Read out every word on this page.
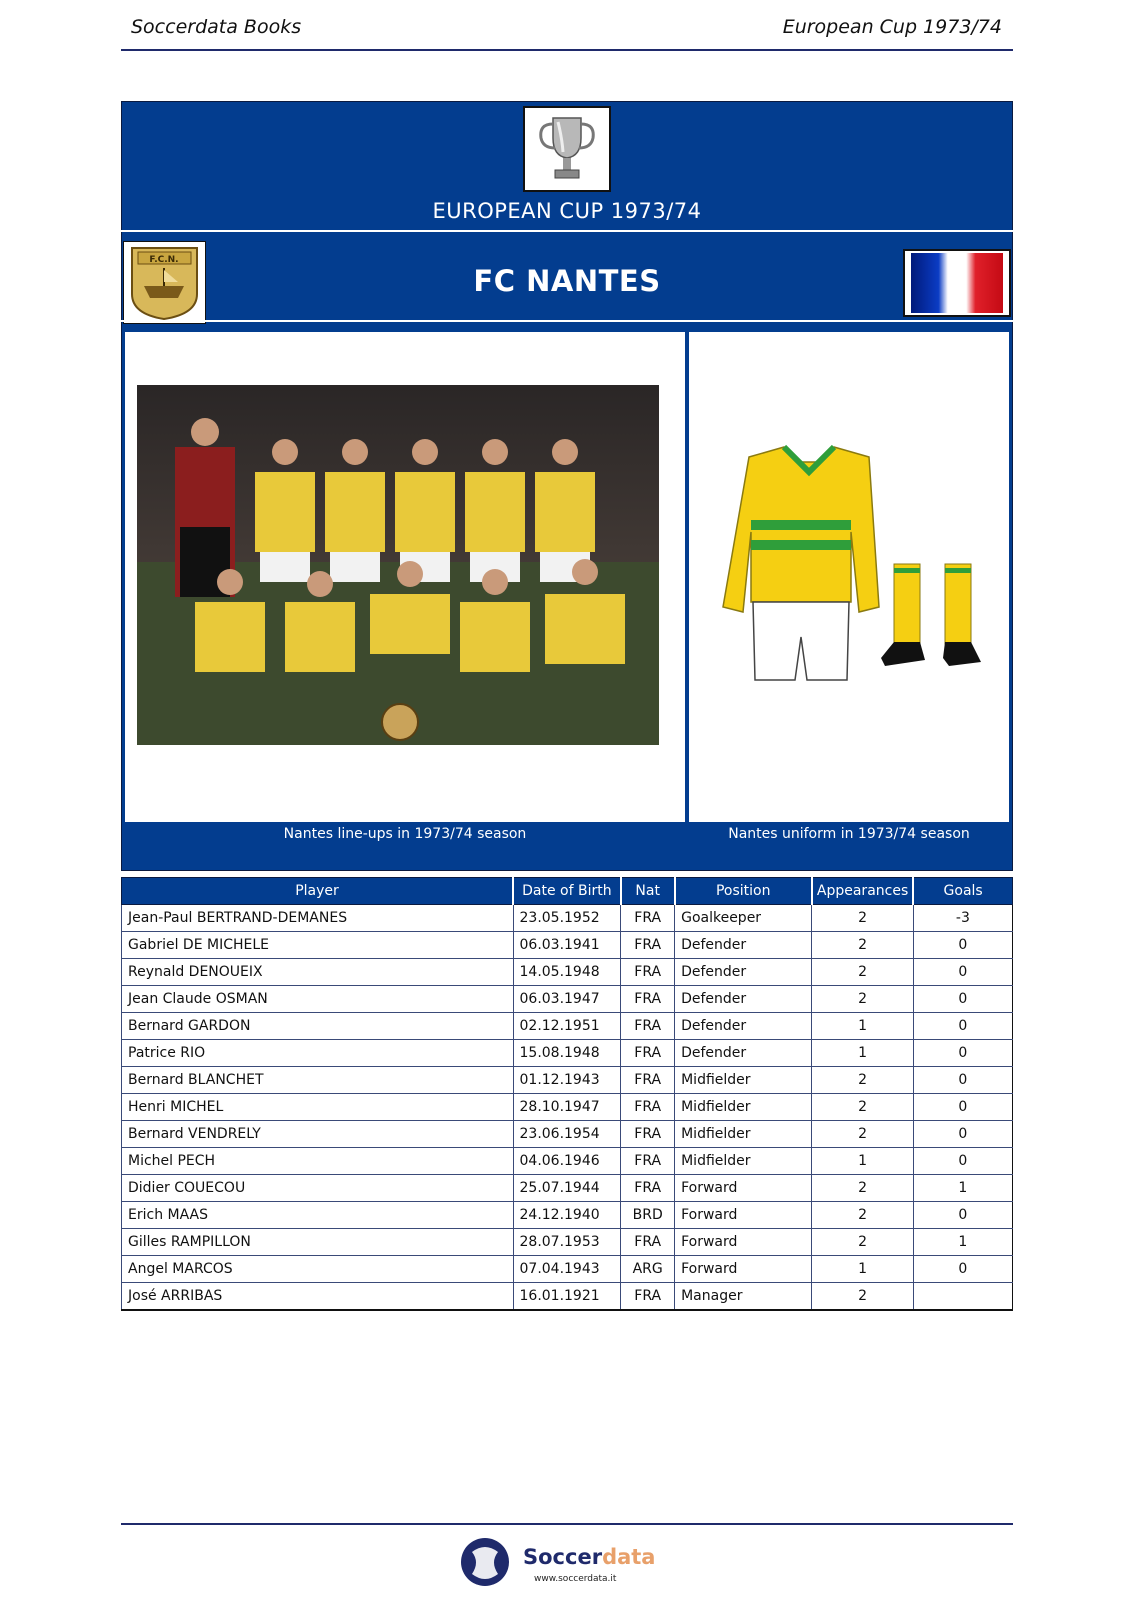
Soccerdata Books	European Cup 1973/74
EUROPEAN CUP 1973/74
F.C.N.
FC NANTES
Nantes line-ups in 1973/74 season	Nantes uniform in 1973/74 season
Player	Date of Birth	Nat	Position	Appearances	Goals
Jean-Paul BERTRAND-DEMANES	23.05.1952	FRA	Goalkeeper	2	-3
Gabriel DE MICHELE	06.03.1941	FRA	Defender	2	0
Reynald DENOUEIX	14.05.1948	FRA	Defender	2	0
Jean Claude OSMAN	06.03.1947	FRA	Defender	2	0
Bernard GARDON	02.12.1951	FRA	Defender	1	0
Patrice RIO	15.08.1948	FRA	Defender	1	0
Bernard BLANCHET	01.12.1943	FRA	Midfielder	2	0
Henri MICHEL	28.10.1947	FRA	Midfielder	2	0
Bernard VENDRELY	23.06.1954	FRA	Midfielder	2	0
Michel PECH	04.06.1946	FRA	Midfielder	1	0
Didier COUECOU	25.07.1944	FRA	Forward	2	1
Erich MAAS	24.12.1940	BRD	Forward	2	0
Gilles RAMPILLON	28.07.1953	FRA	Forward	2	1
Angel MARCOS	07.04.1943	ARG	Forward	1	0
José ARRIBAS	16.01.1921	FRA	Manager	2	
Soccerdata
www.soccerdata.it
